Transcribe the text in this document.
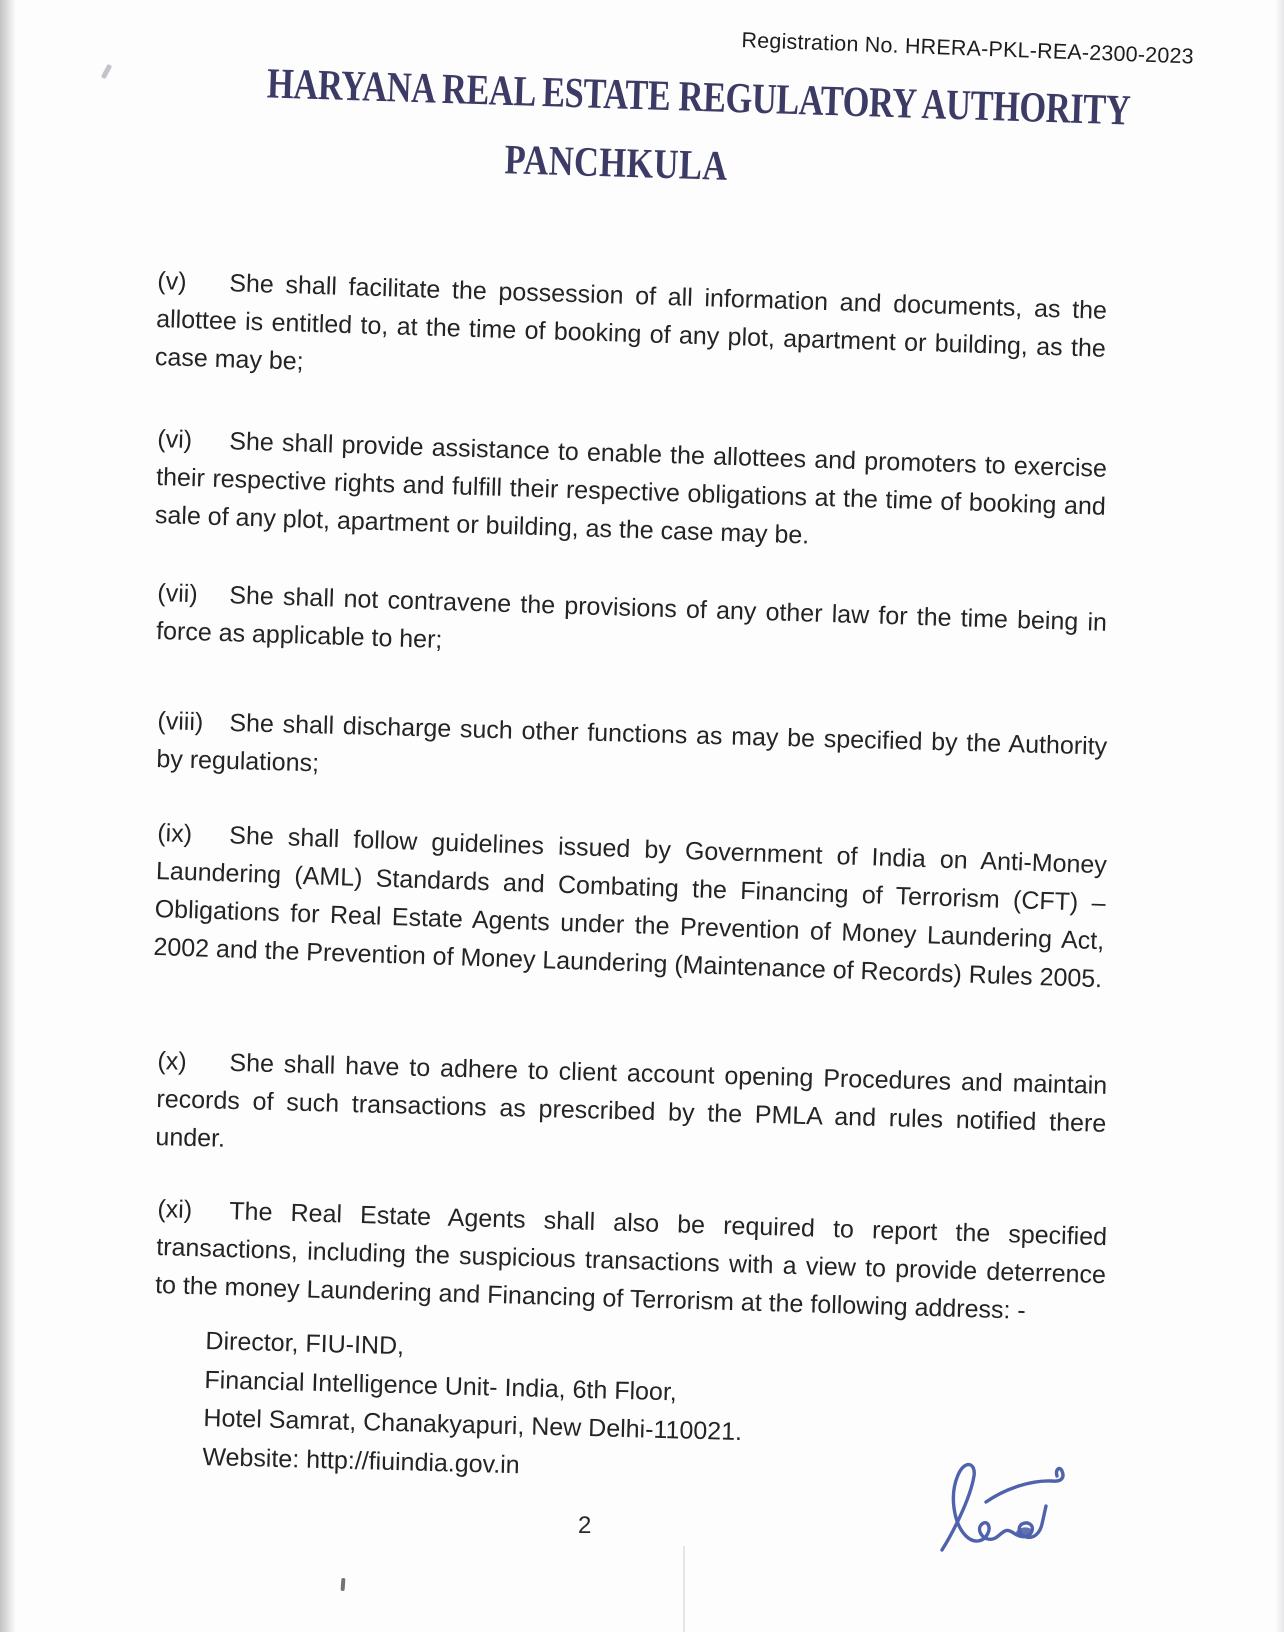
Registration No. HRERA-PKL-REA-2300-2023
HARYANA REAL ESTATE REGULATORY AUTHORITY
PANCHKULA
(v) She shall facilitate the possession of all information and documents, as the allottee is entitled to, at the time of booking of any plot, apartment or building, as the case may be;
(vi) She shall provide assistance to enable the allottees and promoters to exercise their respective rights and fulfill their respective obligations at the time of booking and sale of any plot, apartment or building, as the case may be.
(vii) She shall not contravene the provisions of any other law for the time being in force as applicable to her;
(viii) She shall discharge such other functions as may be specified by the Authority by regulations;
(ix) She shall follow guidelines issued by Government of India on Anti-Money Laundering (AML) Standards and Combating the Financing of Terrorism (CFT) – Obligations for Real Estate Agents under the Prevention of Money Laundering Act, 2002 and the Prevention of Money Laundering (Maintenance of Records) Rules 2005.
(x) She shall have to adhere to client account opening Procedures and maintain records of such transactions as prescribed by the PMLA and rules notified there under.
(xi) The Real Estate Agents shall also be required to report the specified transactions, including the suspicious transactions with a view to provide deterrence to the money Laundering and Financing of Terrorism at the following address: -
Director, FIU-IND,
Financial Intelligence Unit- India, 6th Floor,
Hotel Samrat, Chanakyapuri, New Delhi-110021.
Website: http://fiuindia.gov.in
2
